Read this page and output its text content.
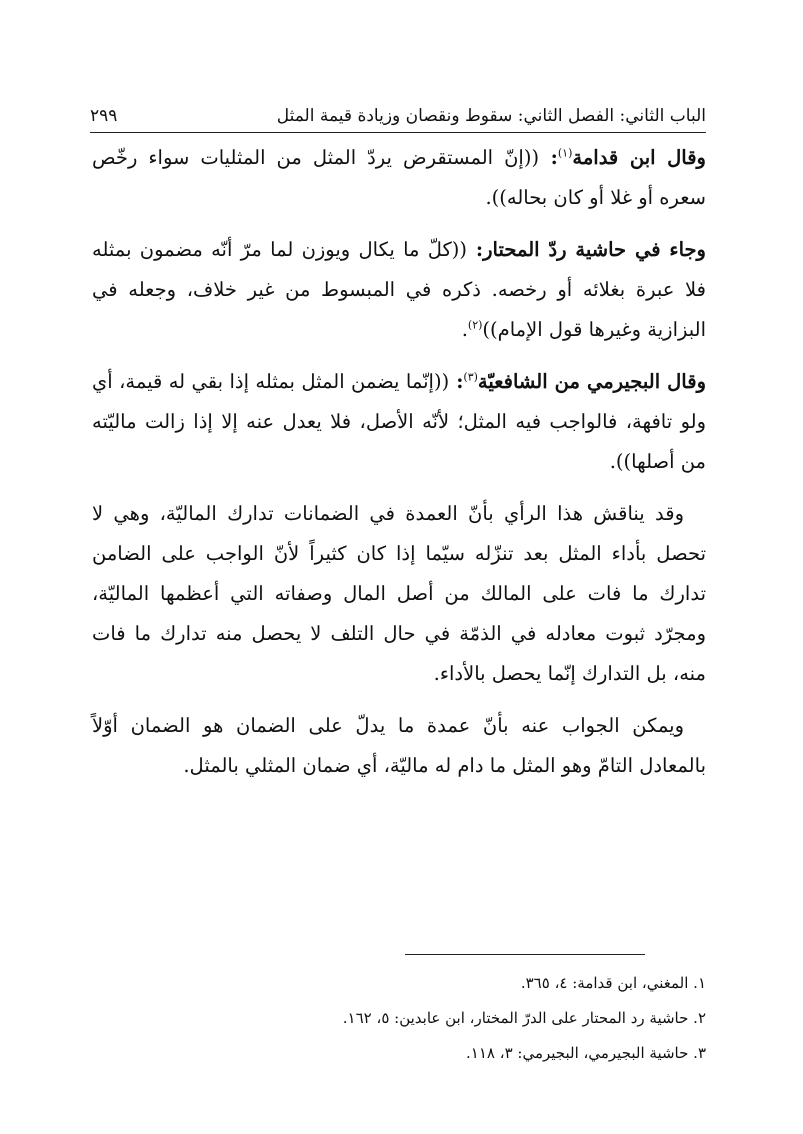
الباب الثاني: الفصل الثاني: سقوط ونقصان وزيادة قيمة المثل
٢٩٩

وقال ابن قدامة$^{(١)}$: ((إنّ المستقرض يردّ المثل من المثليات سواء رخّص سعره أو غلا أو كان بحاله)).

وجاء في حاشية ردّ المحتار: ((كلّ ما يكال ويوزن لما مرّ أنّه مضمون بمثله فلا عبرة بغلائه أو رخصه. ذكره في المبسوط من غير خلاف، وجعله في البزازية وغيرها قول الإمام))$^{(٢)}$.

وقال البجيرمي من الشافعيّة$^{(٣)}$: ((إنّما يضمن المثل بمثله إذا بقي له قيمة، أي ولو تافهة، فالواجب فيه المثل؛ لأنّه الأصل، فلا يعدل عنه إلا إذا زالت ماليّته من أصلها)).

وقد يناقش هذا الرأي بأنّ العمدة في الضمانات تدارك الماليّة، وهي لا تحصل بأداء المثل بعد تنزّله سيّما إذا كان كثيراً لأنّ الواجب على الضامن تدارك ما فات على المالك من أصل المال وصفاته التي أعظمها الماليّة، ومجرّد ثبوت معادله في الذمّة في حال التلف لا يحصل منه تدارك ما فات منه، بل التدارك إنّما يحصل بالأداء.

ويمكن الجواب عنه بأنّ عمدة ما يدلّ على الضمان هو الضمان أوّلاً بالمعادل التامّ وهو المثل ما دام له ماليّة، أي ضمان المثلي بالمثل.

١. المغني، ابن قدامة: ٤، ٣٦٥.
٢. حاشية رد المحتار على الدرّ المختار، ابن عابدين: ٥، ١٦٢.
٣. حاشية البجيرمي، البجيرمي: ٣، ١١٨.
